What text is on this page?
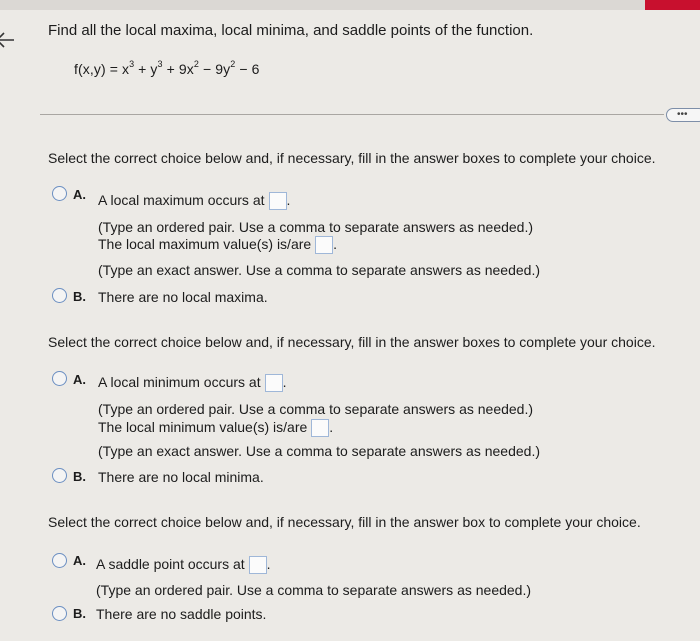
Find all the local maxima, local minima, and saddle points of the function.
$f(x,y) = x^3 + y^3 + 9x^2 - 9y^2 - 6$
•••
Select the correct choice below and, if necessary, fill in the answer boxes to complete your choice.
A. A local maximum occurs at .
(Type an ordered pair. Use a comma to separate answers as needed.)
The local maximum value(s) is/are .
(Type an exact answer. Use a comma to separate answers as needed.)
B. There are no local maxima.
Select the correct choice below and, if necessary, fill in the answer boxes to complete your choice.
A. A local minimum occurs at .
(Type an ordered pair. Use a comma to separate answers as needed.)
The local minimum value(s) is/are .
(Type an exact answer. Use a comma to separate answers as needed.)
B. There are no local minima.
Select the correct choice below and, if necessary, fill in the answer box to complete your choice.
A. A saddle point occurs at .
(Type an ordered pair. Use a comma to separate answers as needed.)
B. There are no saddle points.
